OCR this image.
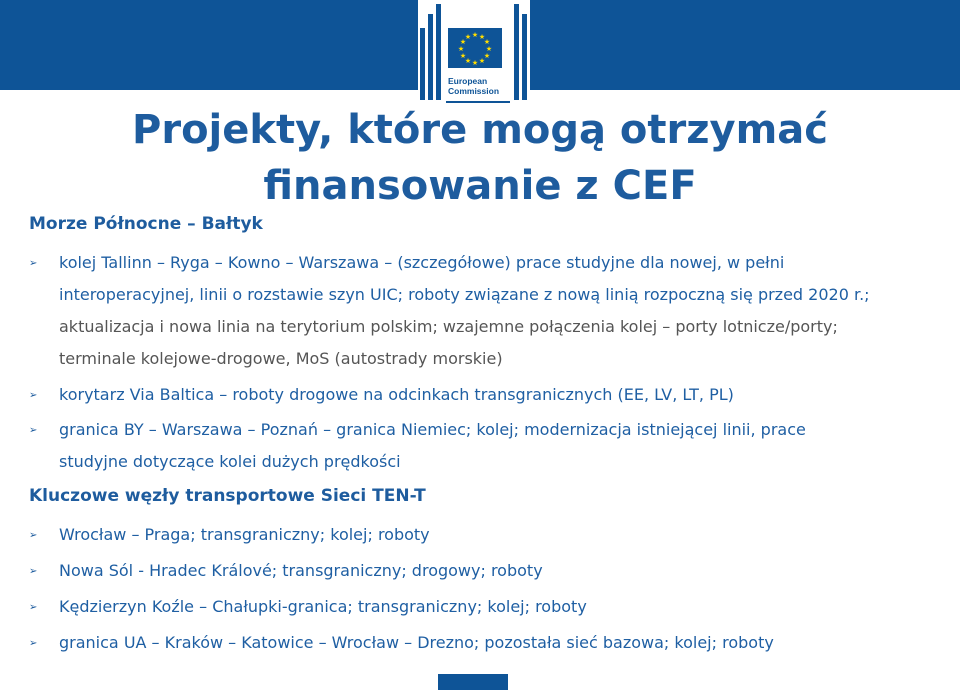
★ ★
★
★
★
★
★
★
★
★
★
★
European
Commission
Projekty, które mogą otrzymać
finansowanie z CEF
Morze Północne – Bałtyk
➢ kolej Tallinn – Ryga – Kowno – Warszawa – (szczegółowe) prace studyjne dla nowej, w pełni
interoperacyjnej, linii o rozstawie szyn UIC; roboty związane z nową linią rozpoczną się przed 2020 r.;
aktualizacja i nowa linia na terytorium polskim; wzajemne połączenia kolej – porty lotnicze/porty;
terminale kolejowe-drogowe, MoS (autostrady morskie)
➢ korytarz Via Baltica – roboty drogowe na odcinkach transgranicznych (EE, LV, LT, PL)
➢ granica BY – Warszawa – Poznań – granica Niemiec; kolej; modernizacja istniejącej linii, prace
studyjne dotyczące kolei dużych prędkości
Kluczowe węzły transportowe Sieci TEN-T
➢ Wrocław – Praga; transgraniczny; kolej; roboty
➢ Nowa Sól - Hradec Králové; transgraniczny; drogowy; roboty
➢ Kędzierzyn Koźle – Chałupki-granica; transgraniczny; kolej; roboty
➢ granica UA – Kraków – Katowice – Wrocław – Drezno; pozostała sieć bazowa; kolej; roboty
